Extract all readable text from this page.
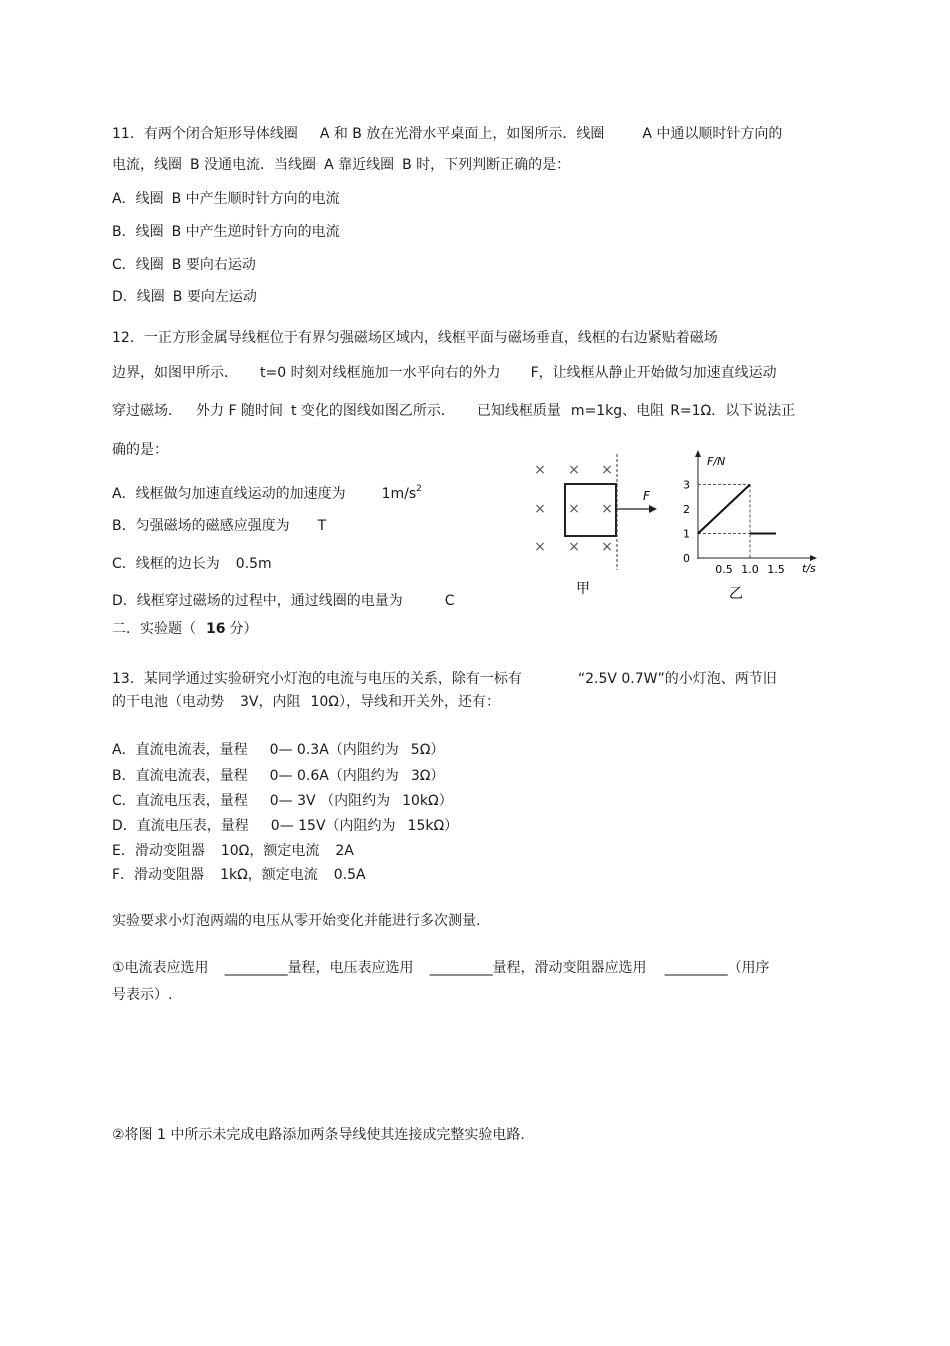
11．有两个闭合矩形导体线圈 A 和 B 放在光滑水平桌面上，如图所示．线圈	A 中通以顺时针方向的
电流，线圈 B 没通电流．当线圈 A 靠近线圈 B 时，下列判断正确的是：
A．线圈 B 中产生顺时针方向的电流
B．线圈 B 中产生逆时针方向的电流
C．线圈 B 要向右运动
D．线圈 B 要向左运动
12．一正方形金属导线框位于有界匀强磁场区域内，线框平面与磁场垂直，线框的右边紧贴着磁场
边界，如图甲所示． t=0 时刻对线框施加一水平向右的外力 F，让线框从静止开始做匀加速直线运动
穿过磁场． 外力 F 随时间 t 变化的图线如图乙所示． 已知线框质量 m=1kg、电阻 R=1Ω．以下说法正
确的是：
A．线框做匀加速直线运动的加速度为	$1m/s^2$
B．匀强磁场的磁感应强度为 T
C．线框的边长为 0.5m
D．线框穿过磁场的过程中，通过线圈的电量为	C
× × ×
× × ×
× × ×
F
甲
F/N
t/s
0
1
2
3
0.5 1.0 1.5
乙
二．实验题（ 16 分）
13．某同学通过实验研究小灯泡的电流与电压的关系，除有一标有	“2.5V 0.7W”的小灯泡、两节旧
的干电池（电动势 3V，内阻 10Ω），导线和开关外，还有：
A．直流电流表，量程 0— 0.3A（内阻约为 5Ω）
B．直流电流表，量程 0— 0.6A（内阻约为 3Ω）
C．直流电压表，量程 0— 3V （内阻约为 10kΩ）
D．直流电压表，量程 0— 15V（内阻约为 15kΩ）
E．滑动变阻器 10Ω，额定电流 2A
F．滑动变阻器 1kΩ，额定电流 0.5A
实验要求小灯泡两端的电压从零开始变化并能进行多次测量.
①电流表应选用 _________量程，电压表应选用 _________量程，滑动变阻器应选用 _________（用序
号表示）.
②将图 1 中所示未完成电路添加两条导线使其连接成完整实验电路.
